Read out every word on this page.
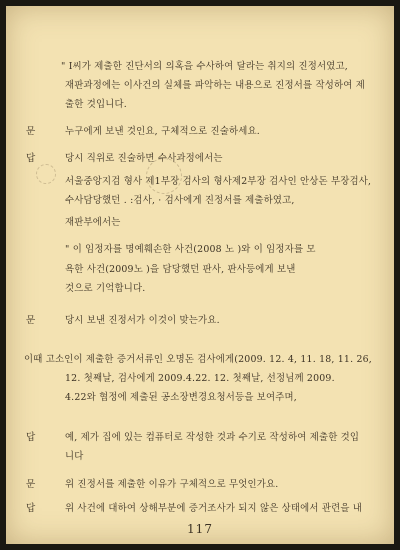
" Ⅰ씨가 제출한 진단서의 의혹을 수사하여 달라는 취지의 진정서였고,
재판과정에는 이사건의 실체를 파악하는 내용으로 진정서를 작성하여 제
출한 것입니다.
문	누구에게 보낸 것인요, 구체적으로 진술하세요.
답	당시 직위로 진술하면 수사과정에서는
서울중앙지검 형사 제1부장 검사의 형사제2부장 검사인 안상돈 부장검사,
수사담당했던 . :검사, · 검사에게 진정서를 제출하였고,
재판부에서는
" 이 임정자를 명예훼손한 사건(2008 노 )와 이 임정자를 모
욕한 사건(2009노 )을 담당했던 판사, 판사등에게 보낸
것으로 기억합니다.
문	당시 보낸 진정서가 이것이 맞는가요.
이때 고소인이 제출한 증거서류인 오명돈 검사에게(2009. 12. 4, 11. 18, 11. 26,
12. 첫째날, 검사에게 2009.4.22. 12. 첫째날, 선정님께 2009.
4.22와 협정에 제출된 공소장변경요청서등을 보여주며,
답	예, 제가 집에 있는 컴퓨터로 작성한 것과 수기로 작성하여 제출한 것입
니다
문	위 진정서를 제출한 이유가 구체적으로 무엇인가요.
답	위 사건에 대하여 상해부분에 증거조사가 되지 않은 상태에서 관련을 내
117
